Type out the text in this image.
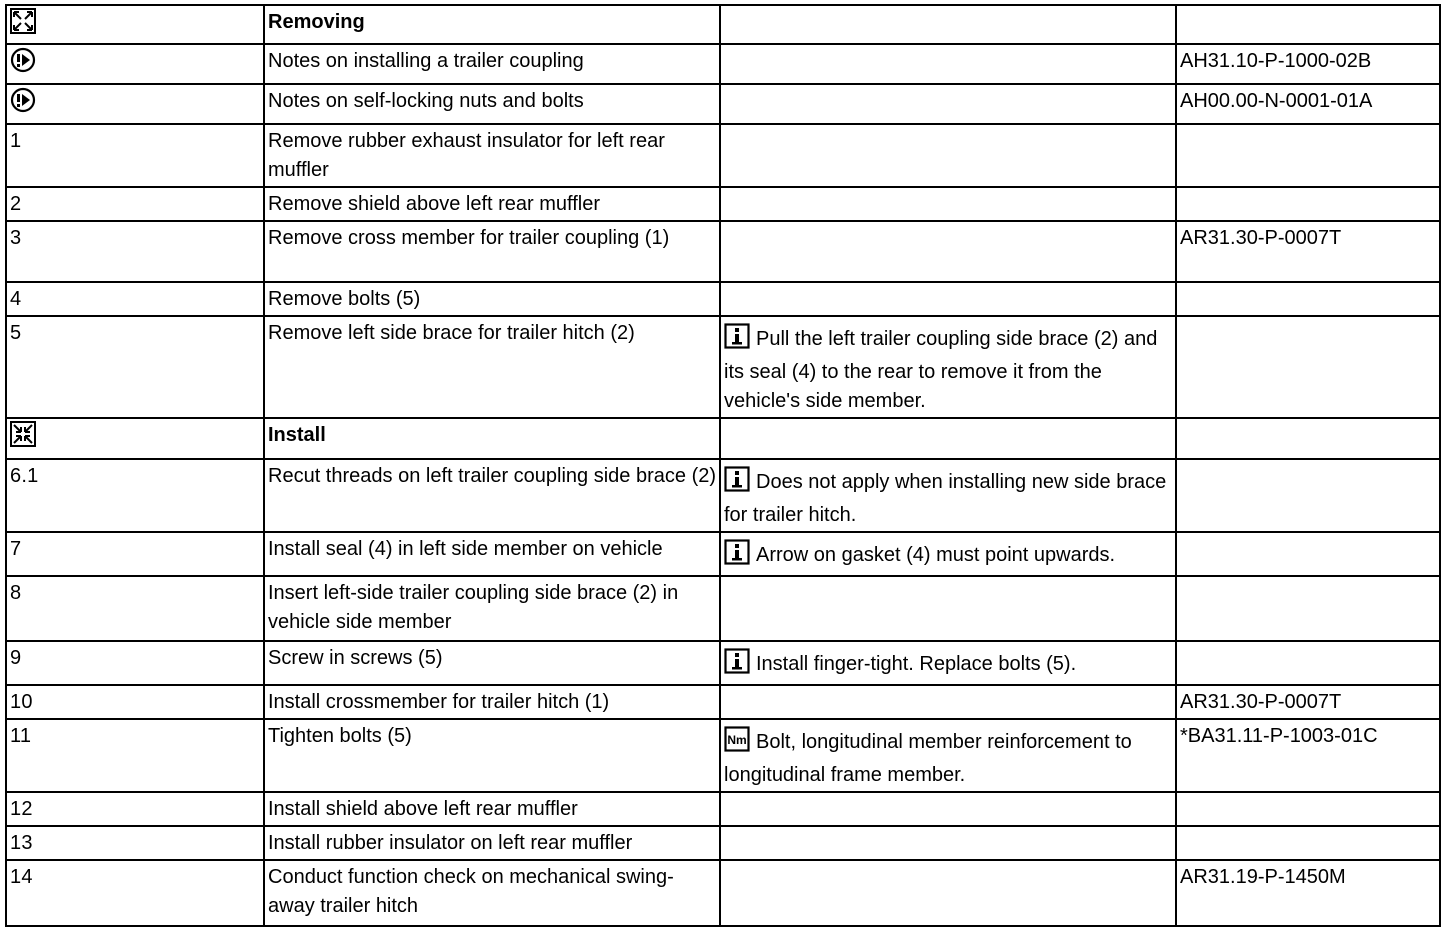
	Removing		

	Notes on installing a trailer coupling		AH31.10-P-1000-02B

	Notes on self-locking nuts and bolts		AH00.00-N-0001-01A
1	Remove rubber exhaust insulator for left rear muffler		
2	Remove shield above left rear muffler		
3	Remove cross member for trailer coupling (1)		AR31.30-P-0007T
4	Remove bolts (5)		
5	Remove left side brace for trailer hitch (2)	Pull the left trailer coupling side brace (2) and its seal (4) to the rear to remove it from the vehicle's side member.	

	Install		
6.1	Recut threads on left trailer coupling side brace (2)	Does not apply when installing new side brace for trailer hitch.	
7	Install seal (4) in left side member on vehicle	Arrow on gasket (4) must point upwards.	
8	Insert left-side trailer coupling side brace (2) in vehicle side member		
9	Screw in screws (5)	Install finger-tight. Replace bolts (5).	
10	Install crossmember for trailer hitch (1)		AR31.30-P-0007T
11	Tighten bolts (5)	Nm Bolt, longitudinal member reinforcement to longitudinal frame member.	*BA31.11-P-1003-01C
12	Install shield above left rear muffler		
13	Install rubber insulator on left rear muffler		
14	Conduct function check on mechanical swing-away trailer hitch		AR31.19-P-1450M
